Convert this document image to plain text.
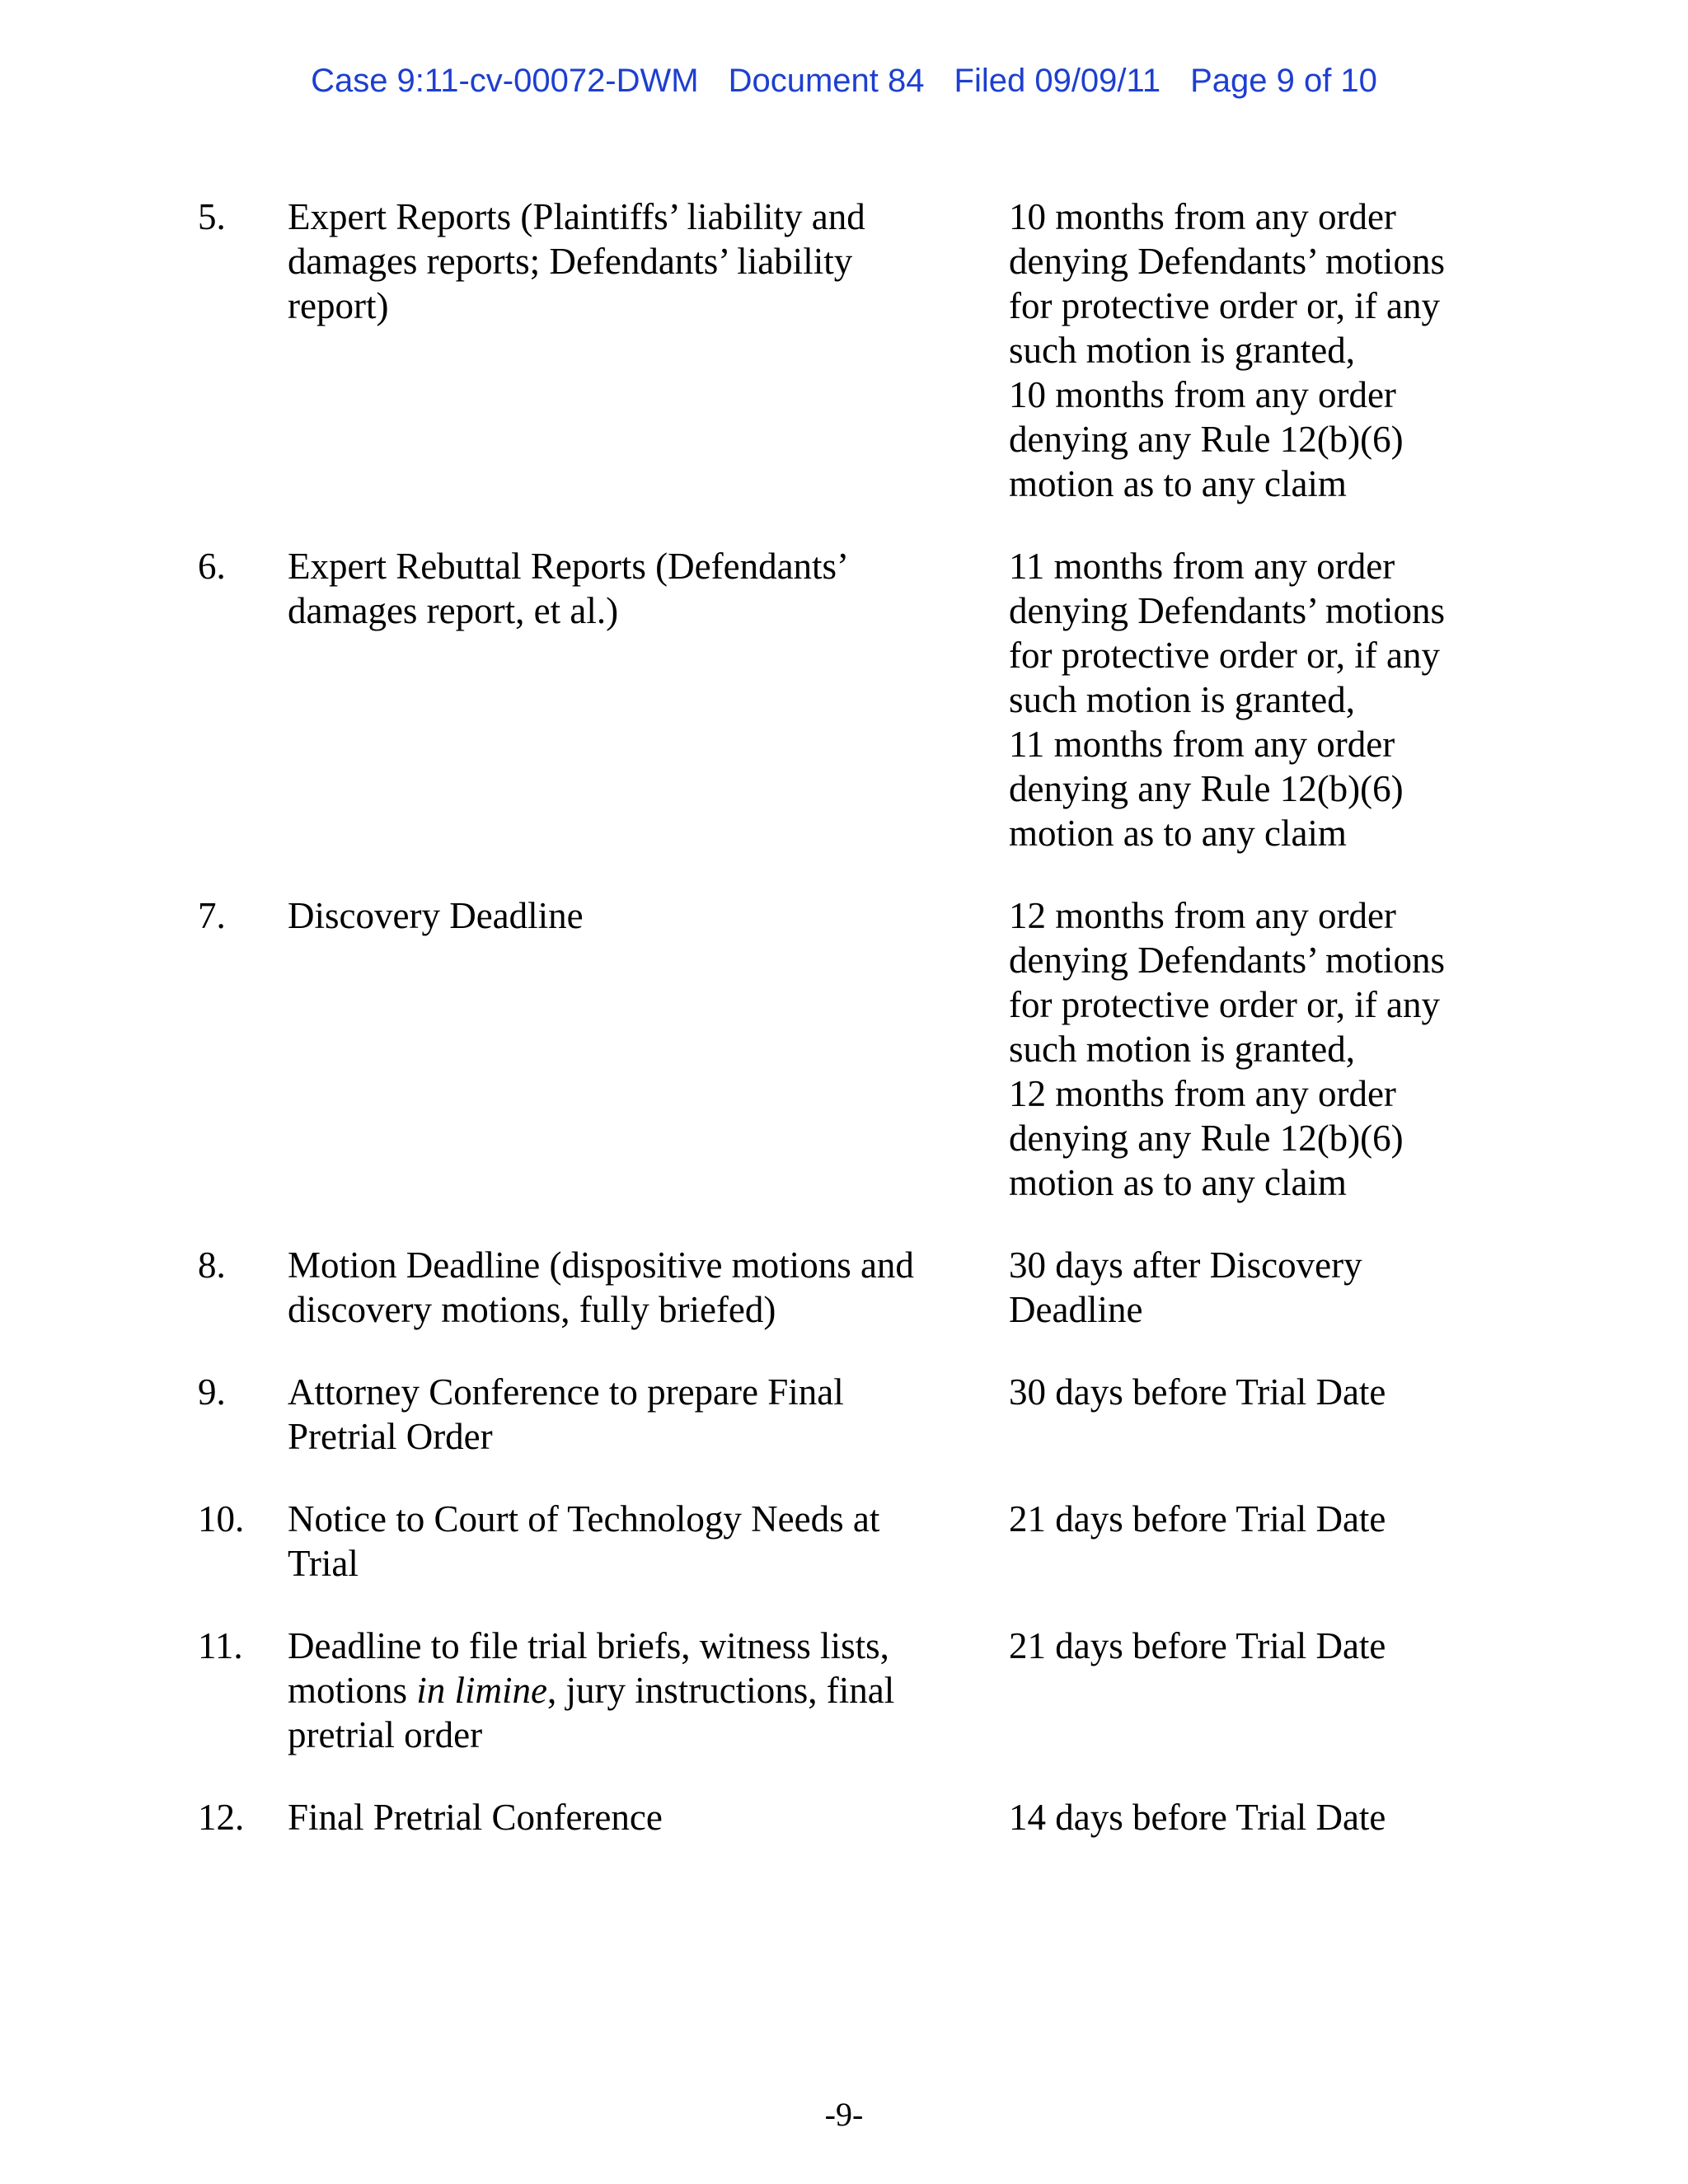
Case 9:11-cv-00072-DWM Document 84 Filed 09/09/11 Page 9 of 10
5. Expert Reports (Plaintiffs’ liability and
damages reports; Defendants’ liability
report)
10 months from any order
denying Defendants’ motions
for protective order or, if any
such motion is granted,
10 months from any order
denying any Rule 12(b)(6)
motion as to any claim
6. Expert Rebuttal Reports (Defendants’
damages report, et al.)
11 months from any order
denying Defendants’ motions
for protective order or, if any
such motion is granted,
11 months from any order
denying any Rule 12(b)(6)
motion as to any claim
7. Discovery Deadline	12 months from any order
denying Defendants’ motions
for protective order or, if any
such motion is granted,
12 months from any order
denying any Rule 12(b)(6)
motion as to any claim
8. Motion Deadline (dispositive motions and
discovery motions, fully briefed)
30 days after Discovery
Deadline
9. Attorney Conference to prepare Final
Pretrial Order
30 days before Trial Date
10. Notice to Court of Technology Needs at
Trial
21 days before Trial Date
11. Deadline to file trial briefs, witness lists,
motions in limine, jury instructions, final
pretrial order
21 days before Trial Date
12. Final Pretrial Conference	14 days before Trial Date
-9-
